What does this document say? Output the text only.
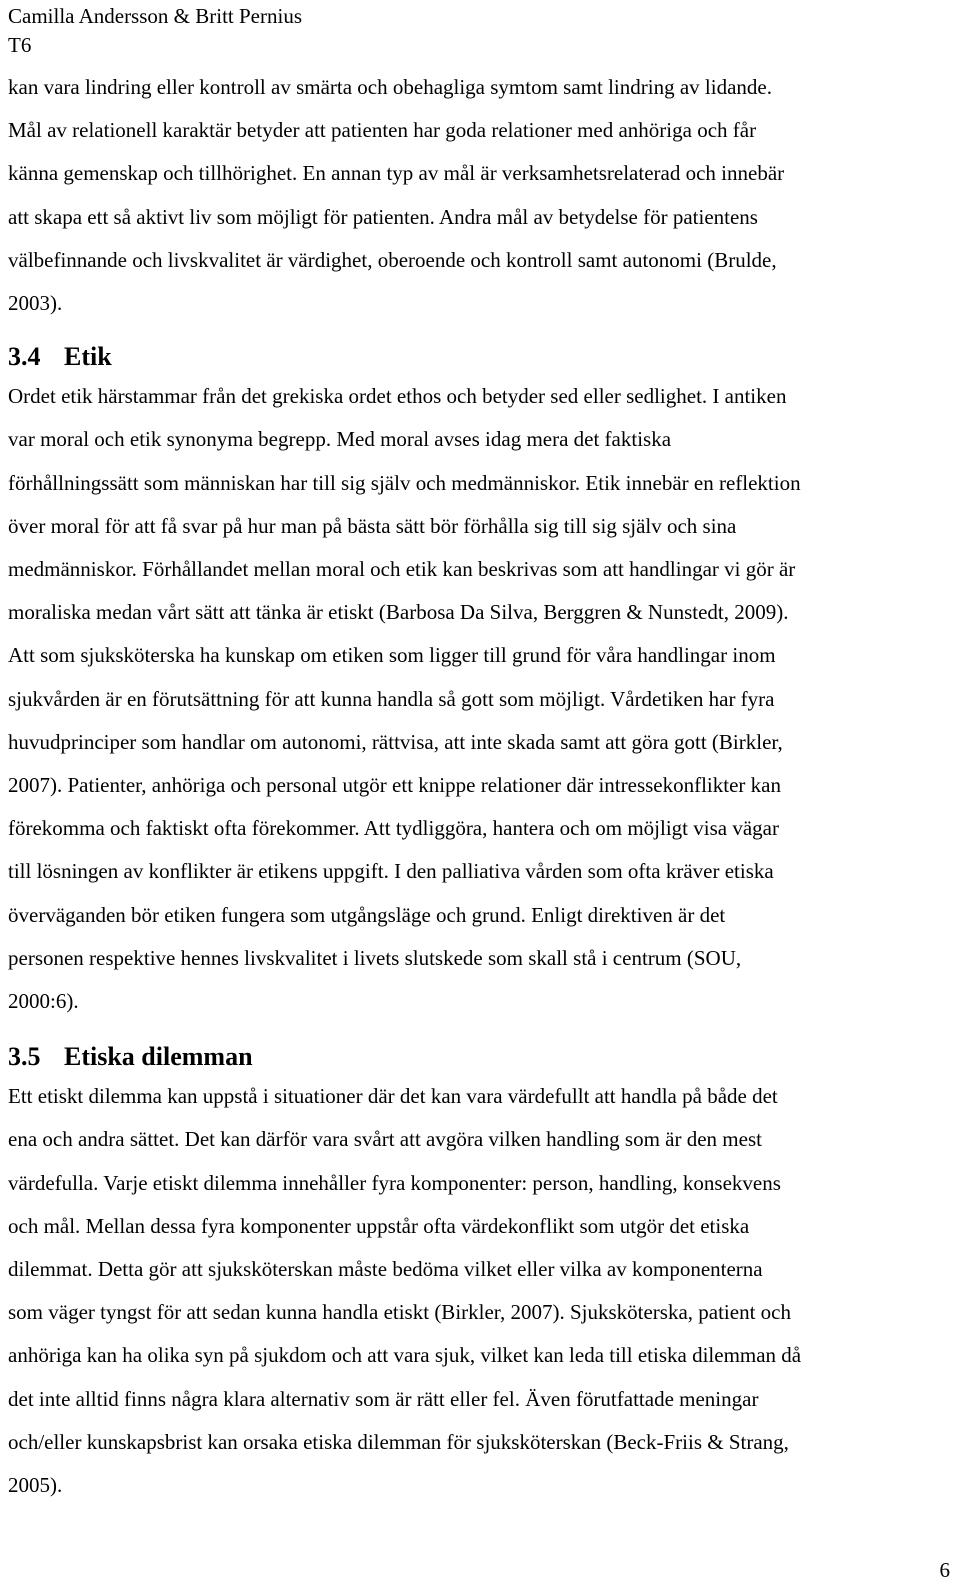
Camilla Andersson & Britt Pernius
T6

kan vara lindring eller kontroll av smärta och obehagliga symtom samt lindring av lidande.
Mål av relationell karaktär betyder att patienten har goda relationer med anhöriga och får
känna gemenskap och tillhörighet. En annan typ av mål är verksamhetsrelaterad och innebär
att skapa ett så aktivt liv som möjligt för patienten. Andra mål av betydelse för patientens
välbefinnande och livskvalitet är värdighet, oberoende och kontroll samt autonomi (Brulde,
2003).

3.4 Etik

Ordet etik härstammar från det grekiska ordet ethos och betyder sed eller sedlighet. I antiken
var moral och etik synonyma begrepp. Med moral avses idag mera det faktiska
förhållningssätt som människan har till sig själv och medmänniskor. Etik innebär en reflektion
över moral för att få svar på hur man på bästa sätt bör förhålla sig till sig själv och sina
medmänniskor. Förhållandet mellan moral och etik kan beskrivas som att handlingar vi gör är
moraliska medan vårt sätt att tänka är etiskt (Barbosa Da Silva, Berggren & Nunstedt, 2009).
Att som sjuksköterska ha kunskap om etiken som ligger till grund för våra handlingar inom
sjukvården är en förutsättning för att kunna handla så gott som möjligt. Vårdetiken har fyra
huvudprinciper som handlar om autonomi, rättvisa, att inte skada samt att göra gott (Birkler,
2007). Patienter, anhöriga och personal utgör ett knippe relationer där intressekonflikter kan
förekomma och faktiskt ofta förekommer. Att tydliggöra, hantera och om möjligt visa vägar
till lösningen av konflikter är etikens uppgift. I den palliativa vården som ofta kräver etiska
överväganden bör etiken fungera som utgångsläge och grund. Enligt direktiven är det
personen respektive hennes livskvalitet i livets slutskede som skall stå i centrum (SOU,
2000:6).

3.5 Etiska dilemman

Ett etiskt dilemma kan uppstå i situationer där det kan vara värdefullt att handla på både det
ena och andra sättet. Det kan därför vara svårt att avgöra vilken handling som är den mest
värdefulla. Varje etiskt dilemma innehåller fyra komponenter: person, handling, konsekvens
och mål. Mellan dessa fyra komponenter uppstår ofta värdekonflikt som utgör det etiska
dilemmat. Detta gör att sjuksköterskan måste bedöma vilket eller vilka av komponenterna
som väger tyngst för att sedan kunna handla etiskt (Birkler, 2007). Sjuksköterska, patient och
anhöriga kan ha olika syn på sjukdom och att vara sjuk, vilket kan leda till etiska dilemman då
det inte alltid finns några klara alternativ som är rätt eller fel. Även förutfattade meningar
och/eller kunskapsbrist kan orsaka etiska dilemman för sjuksköterskan (Beck-Friis & Strang,
2005).

6
